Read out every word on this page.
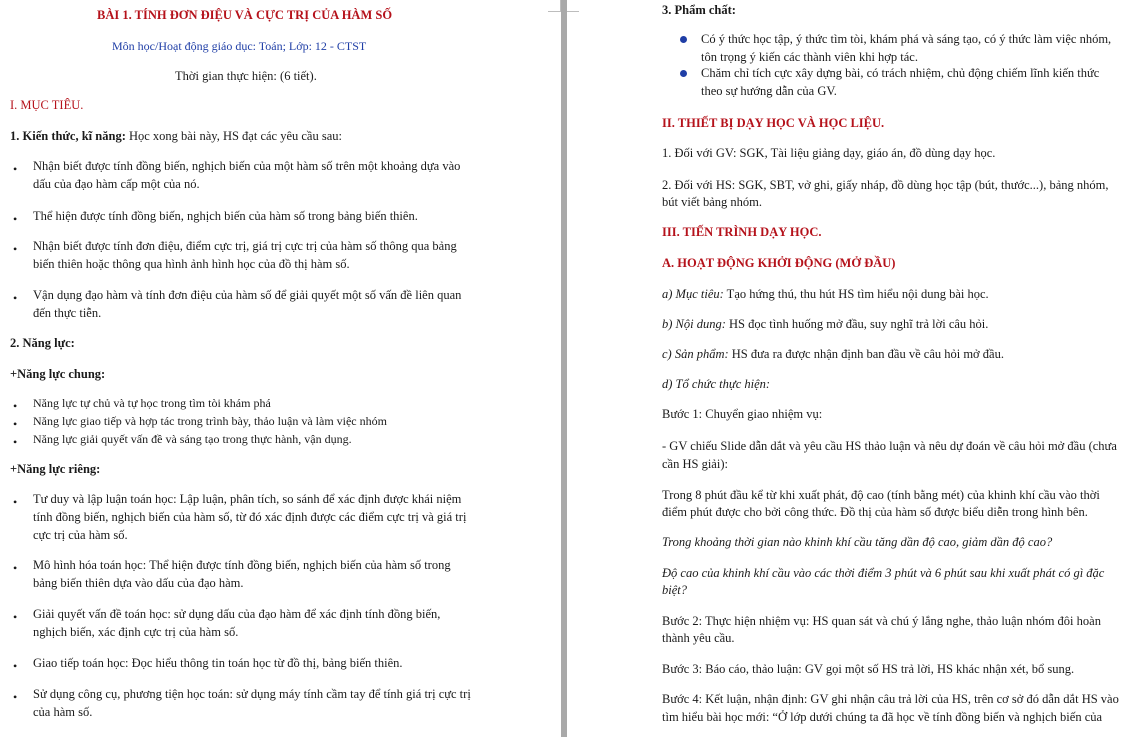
BÀI 1. TÍNH ĐƠN ĐIỆU VÀ CỰC TRỊ CỦA HÀM SỐ
Môn học/Hoạt động giáo dục: Toán; Lớp: 12 - CTST
Thời gian thực hiện: (6 tiết).
I. MỤC TIÊU.
1. Kiến thức, kĩ năng: Học xong bài này, HS đạt các yêu cầu sau:
• Nhận biết được tính đồng biến, nghịch biến của một hàm số trên một khoảng dựa vào
dấu của đạo hàm cấp một của nó.
• Thể hiện được tính đồng biến, nghịch biến của hàm số trong bảng biến thiên.
• Nhận biết được tính đơn điệu, điểm cực trị, giá trị cực trị của hàm số thông qua bảng
biến thiên hoặc thông qua hình ảnh hình học của đồ thị hàm số.
• Vận dụng đạo hàm và tính đơn điệu của hàm số để giải quyết một số vấn đề liên quan
đến thực tiễn.
2. Năng lực:
+Năng lực chung:
• Năng lực tự chủ và tự học trong tìm tòi khám phá
• Năng lực giao tiếp và hợp tác trong trình bày, thảo luận và làm việc nhóm
• Năng lực giải quyết vấn đề và sáng tạo trong thực hành, vận dụng.
+Năng lực riêng:
• Tư duy và lập luận toán học: Lập luận, phân tích, so sánh để xác định được khái niệm
tính đồng biến, nghịch biến của hàm số, từ đó xác định được các điểm cực trị và giá trị
cực trị của hàm số.
• Mô hình hóa toán học: Thể hiện được tính đồng biến, nghịch biến của hàm số trong
bảng biến thiên dựa vào dấu của đạo hàm.
• Giải quyết vấn đề toán học: sử dụng dấu của đạo hàm để xác định tính đồng biến,
nghịch biến, xác định cực trị của hàm số.
• Giao tiếp toán học: Đọc hiểu thông tin toán học từ đồ thị, bảng biến thiên.
• Sử dụng công cụ, phương tiện học toán: sử dụng máy tính cầm tay để tính giá trị cực trị
của hàm số.
3. Phẩm chất:
Có ý thức học tập, ý thức tìm tòi, khám phá và sáng tạo, có ý thức làm việc nhóm,
tôn trọng ý kiến các thành viên khi hợp tác.
Chăm chỉ tích cực xây dựng bài, có trách nhiệm, chủ động chiếm lĩnh kiến thức
theo sự hướng dẫn của GV.
II. THIẾT BỊ DẠY HỌC VÀ HỌC LIỆU.
1. Đối với GV: SGK, Tài liệu giảng dạy, giáo án, đồ dùng dạy học.
2. Đối với HS: SGK, SBT, vở ghi, giấy nháp, đồ dùng học tập (bút, thước...), bảng nhóm,
bút viết bảng nhóm.
III. TIẾN TRÌNH DẠY HỌC.
A. HOẠT ĐỘNG KHỞI ĐỘNG (MỞ ĐẦU)
a) Mục tiêu: Tạo hứng thú, thu hút HS tìm hiểu nội dung bài học.
b) Nội dung: HS đọc tình huống mở đầu, suy nghĩ trả lời câu hỏi.
c) Sản phẩm: HS đưa ra được nhận định ban đầu về câu hỏi mở đầu.
d) Tổ chức thực hiện:
Bước 1: Chuyển giao nhiệm vụ:
- GV chiếu Slide dẫn dắt và yêu cầu HS thảo luận và nêu dự đoán về câu hỏi mở đầu (chưa
cần HS giải):
Trong 8 phút đầu kể từ khi xuất phát, độ cao (tính bằng mét) của khinh khí cầu vào thời
điểm phút được cho bởi công thức. Đồ thị của hàm số được biểu diễn trong hình bên.
Trong khoảng thời gian nào khinh khí cầu tăng dần độ cao, giảm dần độ cao?
Độ cao của khinh khí cầu vào các thời điểm 3 phút và 6 phút sau khi xuất phát có gì đặc
biệt?
Bước 2: Thực hiện nhiệm vụ: HS quan sát và chú ý lắng nghe, thảo luận nhóm đôi hoàn
thành yêu cầu.
Bước 3: Báo cáo, thảo luận: GV gọi một số HS trả lời, HS khác nhận xét, bổ sung.
Bước 4: Kết luận, nhận định: GV ghi nhận câu trả lời của HS, trên cơ sở đó dẫn dắt HS vào
tìm hiểu bài học mới: “Ở lớp dưới chúng ta đã học về tính đồng biến và nghịch biến của
